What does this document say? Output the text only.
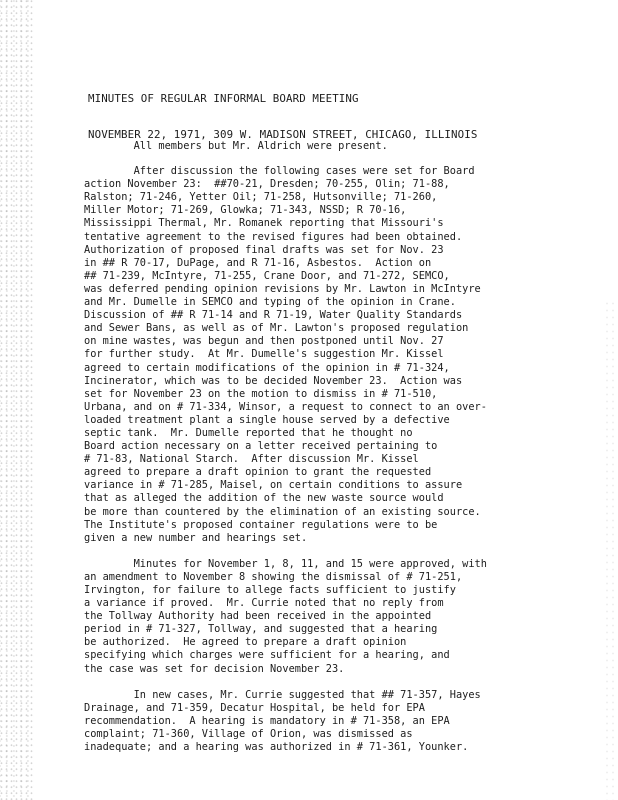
MINUTES OF REGULAR INFORMAL BOARD MEETING

NOVEMBER 22, 1971, 309 W. MADISON STREET, CHICAGO, ILLINOIS

All members but Mr. Aldrich were present.

After discussion the following cases were set for Board
action November 23:  ##70-21, Dresden; 70-255, Olin; 71-88,
Ralston; 71-246, Yetter Oil; 71-258, Hutsonville; 71-260,
Miller Motor; 71-269, Glowka; 71-343, NSSD; R 70-16,
Mississippi Thermal, Mr. Romanek reporting that Missouri's
tentative agreement to the revised figures had been obtained.
Authorization of proposed final drafts was set for Nov. 23
in ## R 70-17, DuPage, and R 71-16, Asbestos.  Action on
## 71-239, McIntyre, 71-255, Crane Door, and 71-272, SEMCO,
was deferred pending opinion revisions by Mr. Lawton in McIntyre
and Mr. Dumelle in SEMCO and typing of the opinion in Crane.
Discussion of ## R 71-14 and R 71-19, Water Quality Standards
and Sewer Bans, as well as of Mr. Lawton's proposed regulation
on mine wastes, was begun and then postponed until Nov. 27
for further study.  At Mr. Dumelle's suggestion Mr. Kissel
agreed to certain modifications of the opinion in # 71-324,
Incinerator, which was to be decided November 23.  Action was
set for November 23 on the motion to dismiss in # 71-510,
Urbana, and on # 71-334, Winsor, a request to connect to an over-
loaded treatment plant a single house served by a defective
septic tank.  Mr. Dumelle reported that he thought no
Board action necessary on a letter received pertaining to
# 71-83, National Starch.  After discussion Mr. Kissel
agreed to prepare a draft opinion to grant the requested
variance in # 71-285, Maisel, on certain conditions to assure
that as alleged the addition of the new waste source would
be more than countered by the elimination of an existing source.
The Institute's proposed container regulations were to be
given a new number and hearings set.

Minutes for November 1, 8, 11, and 15 were approved, with
an amendment to November 8 showing the dismissal of # 71-251,
Irvington, for failure to allege facts sufficient to justify
a variance if proved.  Mr. Currie noted that no reply from
the Tollway Authority had been received in the appointed
period in # 71-327, Tollway, and suggested that a hearing
be authorized.  He agreed to prepare a draft opinion
specifying which charges were sufficient for a hearing, and
the case was set for decision November 23.

In new cases, Mr. Currie suggested that ## 71-357, Hayes
Drainage, and 71-359, Decatur Hospital, be held for EPA
recommendation.  A hearing is mandatory in # 71-358, an EPA
complaint; 71-360, Village of Orion, was dismissed as
inadequate; and a hearing was authorized in # 71-361, Younker.
